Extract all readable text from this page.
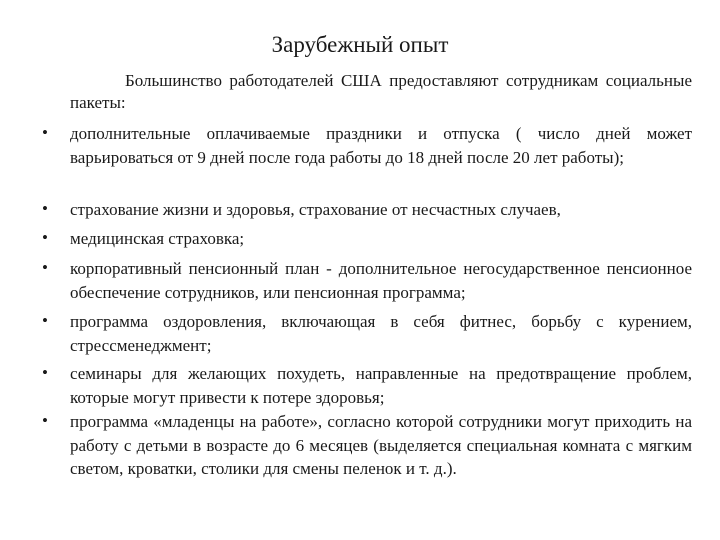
Зарубежный опыт
Большинство работодателей США предоставляют сотрудникам социальные пакеты:
• дополнительные оплачиваемые праздники и отпуска ( число дней может варьироваться от 9 дней после года работы до 18 дней после 20 лет работы);
• страхование жизни и здоровья, страхование от несчастных случаев,
• медицинская страховка;
• корпоративный пенсионный план - дополнительное негосударственное пенсионное обеспечение сотрудников, или пенсионная программа;
• программа оздоровления, включающая в себя фитнес, борьбу с курением, стрессменеджмент;
• семинары для желающих похудеть, направленные на предотвращение проблем, которые могут привести к потере здоровья;
• программа «младенцы на работе», согласно которой сотрудники могут приходить на работу с детьми в возрасте до 6 месяцев (выделяется специальная комната с мягким светом, кроватки, столики для смены пеленок и т. д.).
